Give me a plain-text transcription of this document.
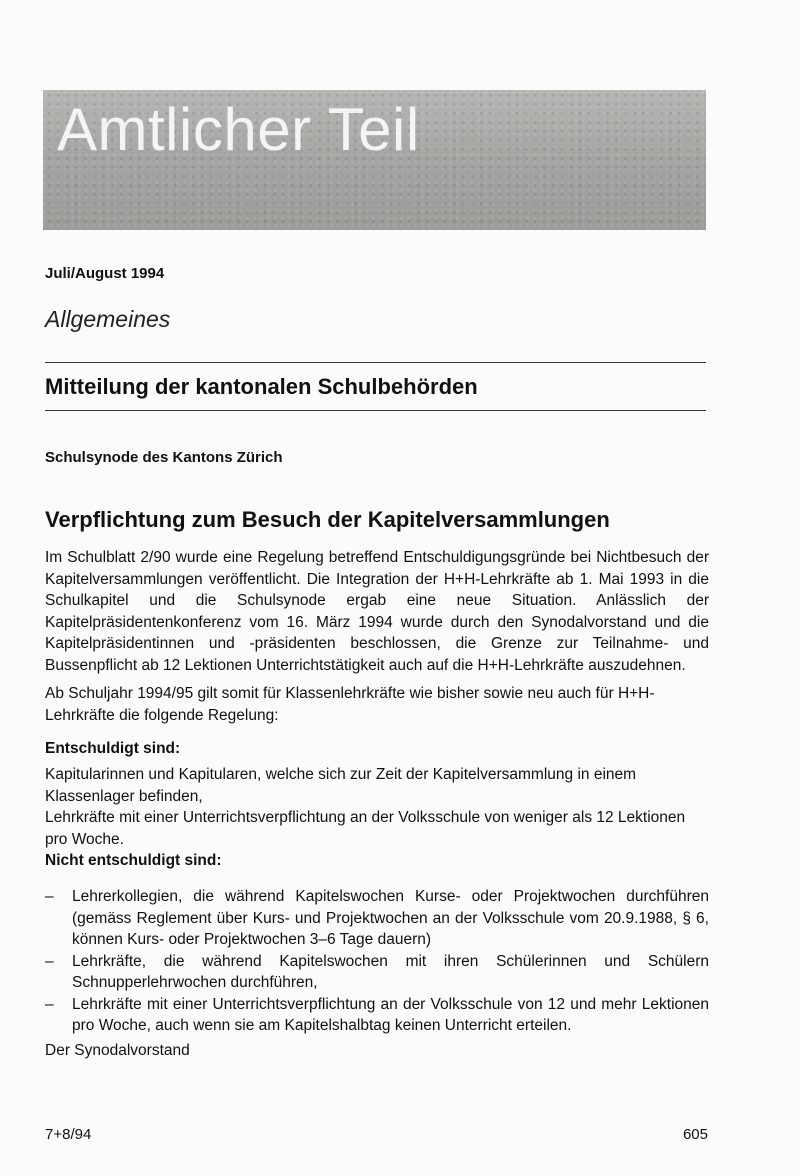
Amtlicher Teil
Juli/August 1994
Allgemeines
Mitteilung der kantonalen Schulbehörden
Schulsynode des Kantons Zürich
Verpflichtung zum Besuch der Kapitelversammlungen
Im Schulblatt 2/90 wurde eine Regelung betreffend Entschuldigungsgründe bei Nichtbesuch der Kapitelversammlungen veröffentlicht. Die Integration der H+H-Lehrkräfte ab 1. Mai 1993 in die Schulkapitel und die Schulsynode ergab eine neue Situation. Anlässlich der Kapitelpräsidentenkonferenz vom 16. März 1994 wurde durch den Synodalvorstand und die Kapitelpräsidentinnen und -präsidenten beschlossen, die Grenze zur Teilnahme- und Bussenpflicht ab 12 Lektionen Unterrichtstätigkeit auch auf die H+H-Lehrkräfte auszudehnen.
Ab Schuljahr 1994/95 gilt somit für Klassenlehrkräfte wie bisher sowie neu auch für H+H-Lehrkräfte die folgende Regelung:
Entschuldigt sind:
Kapitularinnen und Kapitularen, welche sich zur Zeit der Kapitelversammlung in einem Klassenlager befinden,
Lehrkräfte mit einer Unterrichtsverpflichtung an der Volksschule von weniger als 12 Lektionen pro Woche.
Nicht entschuldigt sind:
– Lehrerkollegien, die während Kapitelswochen Kurse- oder Projektwochen durchführen (gemäss Reglement über Kurs- und Projektwochen an der Volksschule vom 20.9.1988, § 6, können Kurs- oder Projektwochen 3–6 Tage dauern)
– Lehrkräfte, die während Kapitelswochen mit ihren Schülerinnen und Schülern Schnupperlehrwochen durchführen,
– Lehrkräfte mit einer Unterrichtsverpflichtung an der Volksschule von 12 und mehr Lektionen pro Woche, auch wenn sie am Kapitelshalbtag keinen Unterricht erteilen.
Der Synodalvorstand
7+8/94	605
